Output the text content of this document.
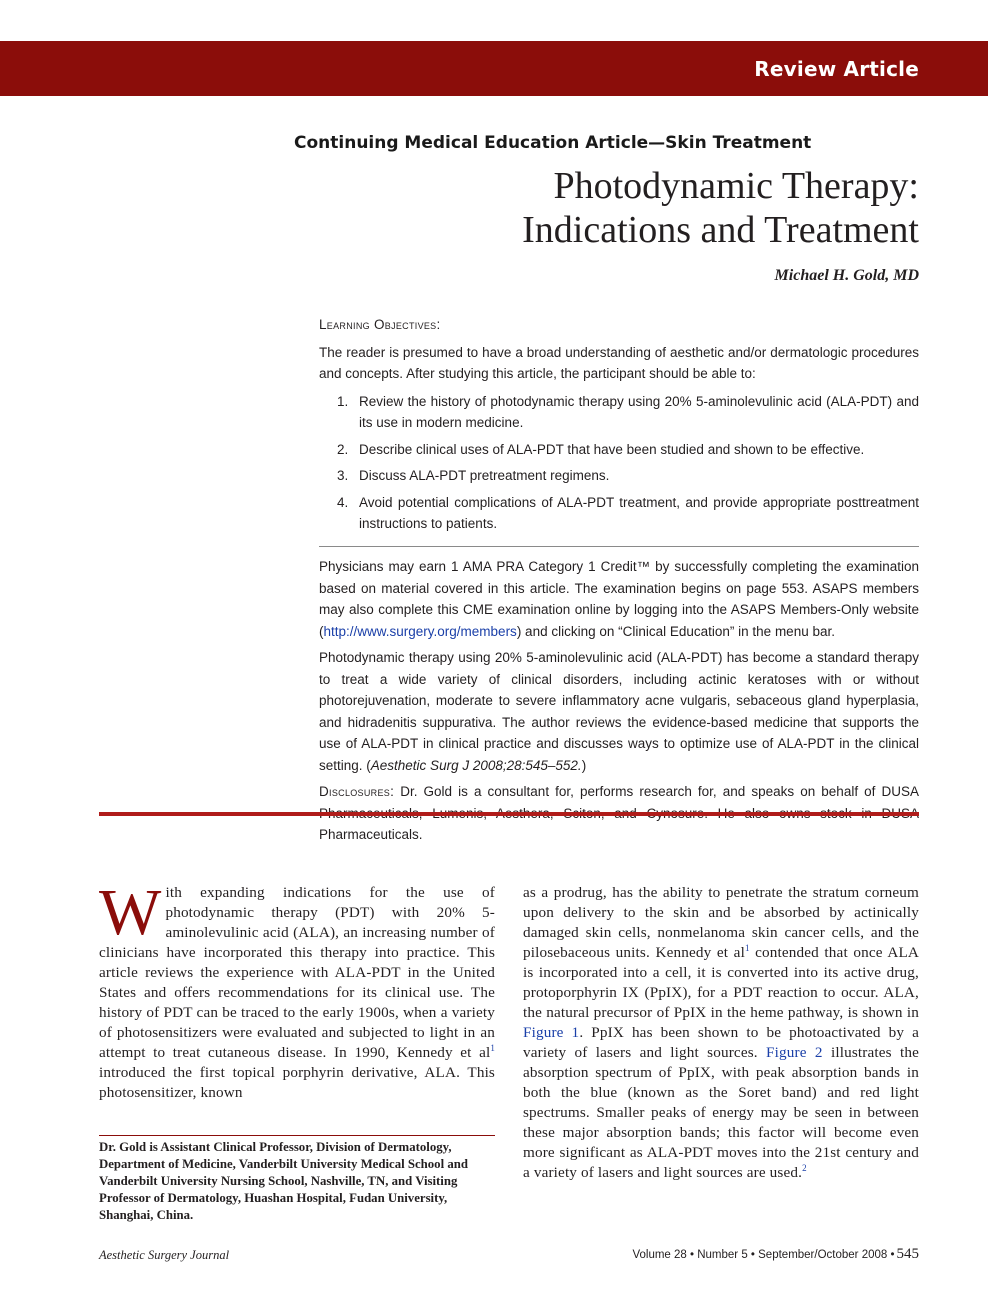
Review Article
Continuing Medical Education Article—Skin Treatment
Photodynamic Therapy:
Indications and Treatment
Michael H. Gold, MD
Learning Objectives:

The reader is presumed to have a broad understanding of aesthetic and/or dermatologic procedures and concepts. After studying this article, the participant should be able to:

1. Review the history of photodynamic therapy using 20% 5-aminolevulinic acid (ALA-PDT) and its use in modern medicine.
2. Describe clinical uses of ALA-PDT that have been studied and shown to be effective.
3. Discuss ALA-PDT pretreatment regimens.
4. Avoid potential complications of ALA-PDT treatment, and provide appropriate posttreatment instructions to patients.

Physicians may earn 1 AMA PRA Category 1 Credit™ by successfully completing the examination based on material covered in this article. The examination begins on page 553. ASAPS members may also complete this CME examination online by logging into the ASAPS Members-Only website (http://www.surgery.org/members) and clicking on “Clinical Education” in the menu bar.

Photodynamic therapy using 20% 5-aminolevulinic acid (ALA-PDT) has become a standard therapy to treat a wide variety of clinical disorders, including actinic keratoses with or without photorejuvenation, moderate to severe inflammatory acne vulgaris, sebaceous gland hyperplasia, and hidradenitis suppurativa. The author reviews the evidence-based medicine that supports the use of ALA-PDT in clinical practice and discusses ways to optimize use of ALA-PDT in the clinical setting. (Aesthetic Surg J 2008;28:545–552.)

Disclosures: Dr. Gold is a consultant for, performs research for, and speaks on behalf of DUSA Pharmaceuticals.

With expanding indications for the use of photodynamic therapy (PDT) with 20% 5-aminolevulinic acid (ALA), an increasing number of clinicians have incorporated this therapy into practice. This article reviews the experience with ALA-PDT in the United States and offers recommendations for its clinical use. The history of PDT can be traced to the early 1900s, when a variety of photosensitizers were evaluated and subjected to light in an attempt to treat cutaneous disease. In 1990, Kennedy et $al^1$ introduced the first topical porphyrin derivative, ALA. This photosensitizer, known

as a prodrug, has the ability to penetrate the stratum corneum upon delivery to the skin and be absorbed by actinically damaged skin cells, nonmelanoma skin cancer cells, and the pilosebaceous units. Kennedy et $al^1$ contended that once ALA is incorporated into a cell, it is converted into its active drug, protoporphyrin IX (PpIX), for a PDT reaction to occur. ALA, the natural precursor of PpIX in the heme pathway, is shown in Figure 1. PpIX has been shown to be photoactivated by a variety of lasers and light sources. Figure 2 illustrates the absorption spectrum of PpIX, with peak absorption bands in both the blue (known as the Soret band) and red light spectrums. Smaller peaks of energy may be seen in between these major absorption bands; this factor will become even more significant as ALA-PDT moves into the 21st century and a variety of lasers and light sources are used.$^2$

Dr. Gold is Assistant Clinical Professor, Division of Dermatology, Department of Medicine, Vanderbilt University Medical School and Vanderbilt University Nursing School, Nashville, TN, and Visiting Professor of Dermatology, Huashan Hospital, Fudan University, Shanghai, China.
Aesthetic Surgery Journal	Volume 28 • Number 5 • September/October 2008 • 545
